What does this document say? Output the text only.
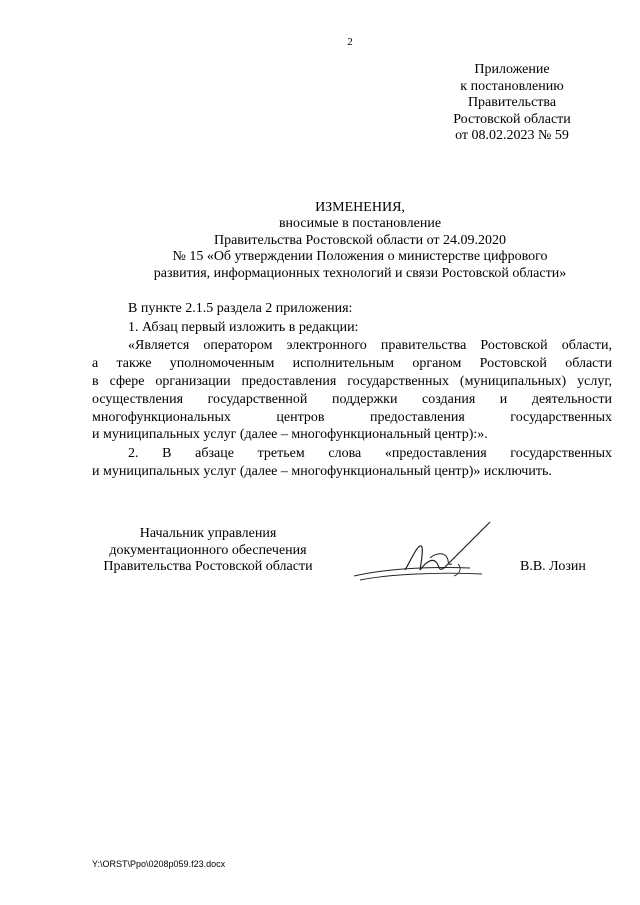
2
Приложение
к постановлению
Правительства
Ростовской области
от 08.02.2023 № 59
ИЗМЕНЕНИЯ,
вносимые в постановление
Правительства Ростовской области от 24.09.2020
№ 15 «Об утверждении Положения о министерстве цифрового
развития, информационных технологий и связи Ростовской области»
В пункте 2.1.5 раздела 2 приложения:
1. Абзац первый изложить в редакции:
«Является оператором электронного правительства Ростовской области,
а также уполномоченным исполнительным органом Ростовской области
в сфере организации предоставления государственных (муниципальных) услуг,
осуществления государственной поддержки создания и деятельности
многофункциональных центров предоставления государственных
и муниципальных услуг (далее – многофункциональный центр):».
2. В абзаце третьем слова «предоставления государственных
и муниципальных услуг (далее – многофункциональный центр)» исключить.
Начальник управления
документационного обеспечения
Правительства Ростовской области	В.В. Лозин
Y:\ORST\Ppo\0208p059.f23.docx
